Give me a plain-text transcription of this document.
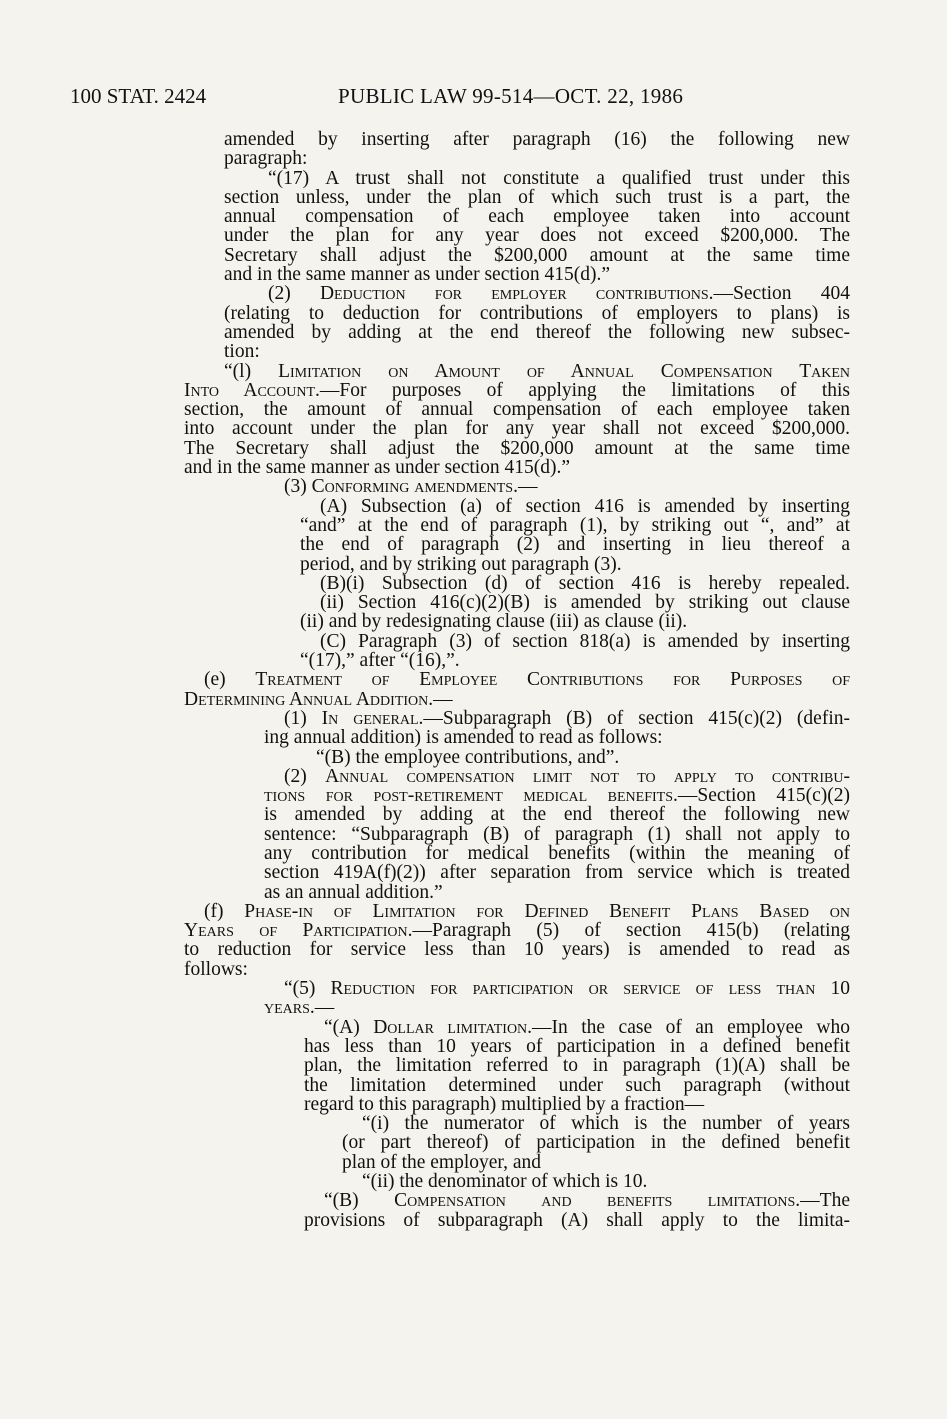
100 STAT. 2424	PUBLIC LAW 99-514—OCT. 22, 1986
amended by inserting after paragraph (16) the following new
paragraph:
“(17) A trust shall not constitute a qualified trust under this
section unless, under the plan of which such trust is a part, the
annual compensation of each employee taken into account
under the plan for any year does not exceed $200,000. The
Secretary shall adjust the $200,000 amount at the same time
and in the same manner as under section 415(d).”
(2) Deduction for employer contributions.—Section 404
(relating to deduction for contributions of employers to plans) is
amended by adding at the end thereof the following new subsec-
tion:
“(l) Limitation on Amount of Annual Compensation Taken
Into Account.—For purposes of applying the limitations of this
section, the amount of annual compensation of each employee taken
into account under the plan for any year shall not exceed $200,000.
The Secretary shall adjust the $200,000 amount at the same time
and in the same manner as under section 415(d).”
(3) Conforming amendments.—
(A) Subsection (a) of section 416 is amended by inserting
“and” at the end of paragraph (1), by striking out “, and” at
the end of paragraph (2) and inserting in lieu thereof a
period, and by striking out paragraph (3).
(B)(i) Subsection (d) of section 416 is hereby repealed.
(ii) Section 416(c)(2)(B) is amended by striking out clause
(ii) and by redesignating clause (iii) as clause (ii).
(C) Paragraph (3) of section 818(a) is amended by inserting
“(17),” after “(16),”.
(e) Treatment of Employee Contributions for Purposes of
Determining Annual Addition.—
(1) In general.—Subparagraph (B) of section 415(c)(2) (defin-
ing annual addition) is amended to read as follows:
“(B) the employee contributions, and”.
(2) Annual compensation limit not to apply to contribu-
tions for post-retirement medical benefits.—Section 415(c)(2)
is amended by adding at the end thereof the following new
sentence: “Subparagraph (B) of paragraph (1) shall not apply to
any contribution for medical benefits (within the meaning of
section 419A(f)(2)) after separation from service which is treated
as an annual addition.”
(f) Phase-in of Limitation for Defined Benefit Plans Based on
Years of Participation.—Paragraph (5) of section 415(b) (relating
to reduction for service less than 10 years) is amended to read as
follows:
“(5) Reduction for participation or service of less than 10
years.—
“(A) Dollar limitation.—In the case of an employee who
has less than 10 years of participation in a defined benefit
plan, the limitation referred to in paragraph (1)(A) shall be
the limitation determined under such paragraph (without
regard to this paragraph) multiplied by a fraction—
“(i) the numerator of which is the number of years
(or part thereof) of participation in the defined benefit
plan of the employer, and
“(ii) the denominator of which is 10.
“(B) Compensation and benefits limitations.—The
provisions of subparagraph (A) shall apply to the limita-
